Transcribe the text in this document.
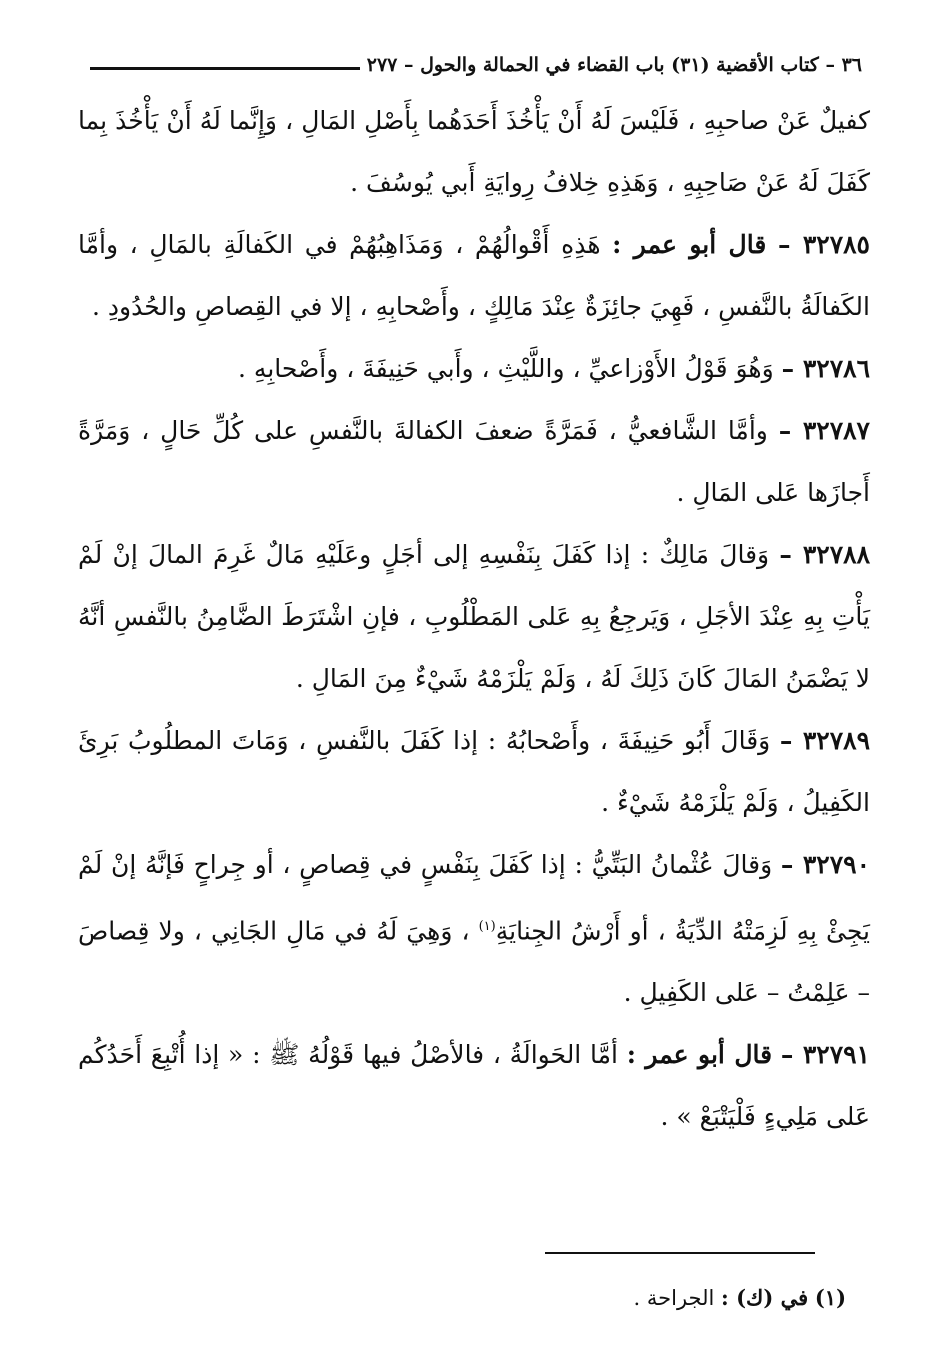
٣٦ – كتاب الأقضية (٣١) باب القضاء في الحمالة والحول – ٢٧٧

كفيلٌ عَنْ صاحبِهِ ، فَلَيْسَ لَهُ أَنْ يَأْخُذَ أَحَدَهُما بِأَصْلِ المَالِ ، وَإِنَّما لَهُ أَنْ يَأْخُذَ بِما كَفَلَ لَهُ عَنْ صَاحِبِهِ ، وَهَذِهِ خِلافُ رِوايَةِ أَبي يُوسُفَ .

٣٢٧٨٥ – قال أبو عمر : هَذِهِ أَقْوالُهُمْ ، وَمَذَاهِبُهُمْ في الكَفالَةِ بالمَالِ ، وأمَّا الكَفالَةُ بالنَّفسِ ، فَهِيَ جائِزَةٌ عِنْدَ مَالِكٍ ، وأَصْحابِهِ ، إلا في القِصاصِ والحُدُودِ .

٣٢٧٨٦ – وَهُوَ قَوْلُ الأَوْزاعيِّ ، واللَّيْثِ ، وأَبي حَنِيفَةَ ، وأَصْحابِهِ .

٣٢٧٨٧ – وأمَّا الشَّافعيُّ ، فَمَرَّةً ضعفَ الكفالةَ بالنَّفسِ على كُلِّ حَالٍ ، وَمَرَّةً أَجازَها عَلى المَالِ .

٣٢٧٨٨ – وَقالَ مَالِكٌ : إذا كَفَلَ بِنَفْسِهِ إلى أجَلٍ وعَلَيْهِ مَالٌ غَرِمَ المالَ إنْ لَمْ يَأْتِ بِهِ عِنْدَ الأجَلِ ، وَيَرجِعُ بِهِ عَلى المَطْلُوبِ ، فإنِ اشْتَرَطَ الضَّامِنُ بالنَّفسِ أنَّهُ لا يَضْمَنُ المَالَ كَانَ ذَلِكَ لَهُ ، وَلَمْ يَلْزَمْهُ شَيْءٌ مِنَ المَالِ .

٣٢٧٨٩ – وَقَالَ أَبُو حَنِيفَةَ ، وأَصْحابُهُ : إذا كَفَلَ بالنَّفسِ ، وَمَاتَ المطلُوبُ بَرِئَ الكَفِيلُ ، وَلَمْ يَلْزَمْهُ شَيْءٌ .

٣٢٧٩٠ – وَقالَ عُثْمانُ البَتِّيُّ : إذا كَفَلَ بِنَفْسٍ في قِصاصٍ ، أو جِراحٍ فَإنَّهُ إنْ لَمْ يَجِئْ بِهِ لَزِمَتْهُ الدِّيَةُ ، أو أَرْشُ الجِنايَةِ$^{(١)}$ ، وَهِيَ لَهُ في مَالِ الجَانِي ، ولا قِصاصَ – عَلِمْتُ – عَلى الكَفِيلِ .

٣٢٧٩١ – قال أبو عمر : أمَّا الحَوالَةُ ، فالأصْلُ فيها قَوْلُهُ ﷺ : « إذا أُتْبِعَ أَحَدُكُم عَلى مَلِيءٍ فَلْيَتْبَعْ » .

(١) في (ك) : الجراحة .
